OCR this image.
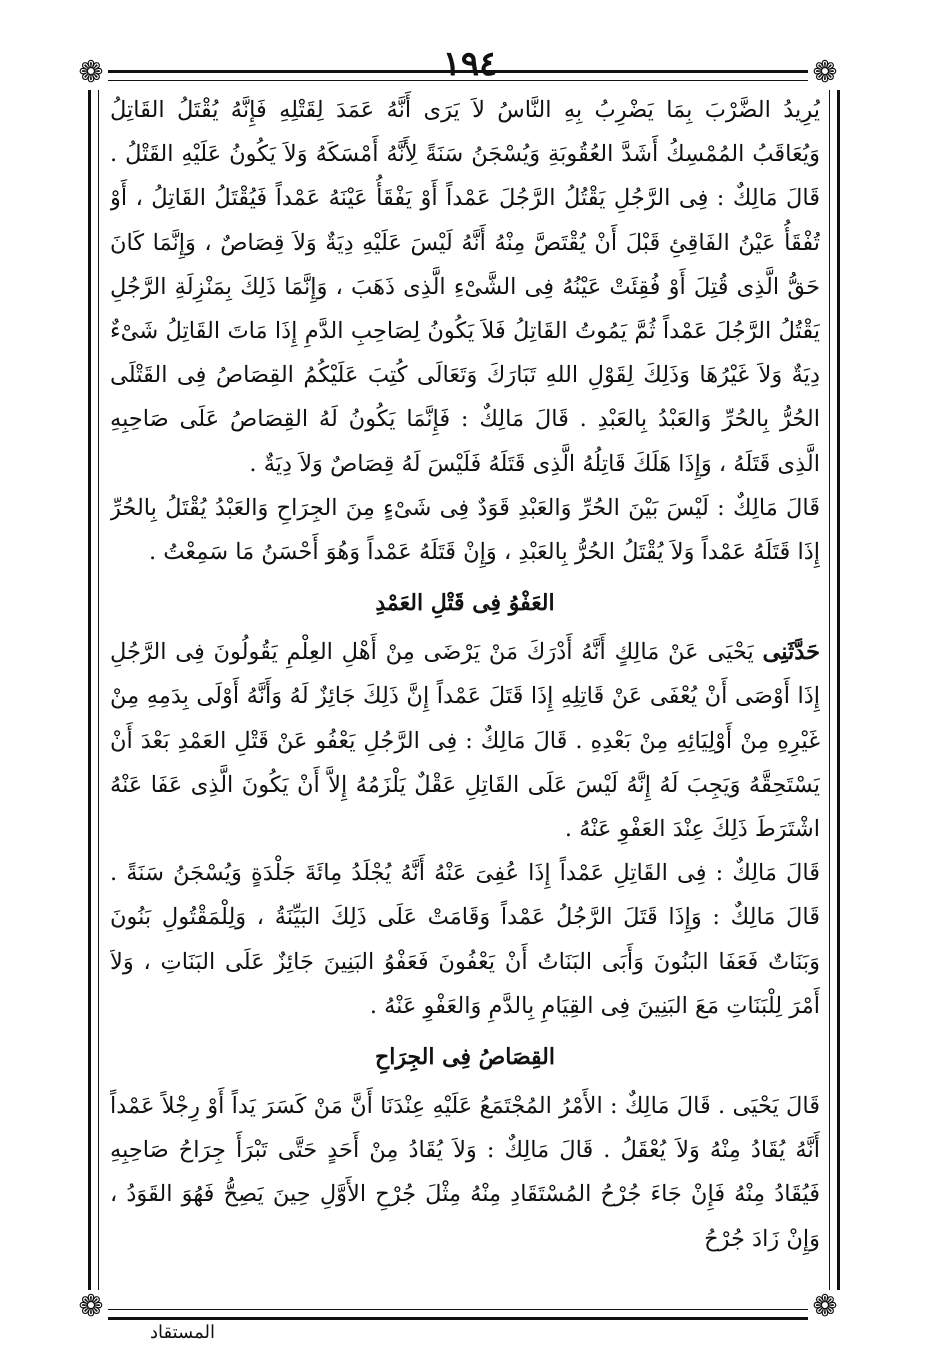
١٩٤
❁	❁
❁	❁

يُرِيدُ الضَّرْبَ بِمَا يَضْرِبُ بِهِ النَّاسُ لاَ يَرَى أَنَّهُ عَمَدَ لِقَتْلِهِ فَإِنَّهُ يُقْتَلُ القَاتِلُ وَيُعَاقَبُ المُمْسِكُ أَشَدَّ العُقُوبَةِ وَيُسْجَنُ سَنَةً لِأَنَّهُ أَمْسَكَهُ وَلاَ يَكُونُ عَلَيْهِ القَتْلُ . قَالَ مَالِكٌ : فِى الرَّجُلِ يَقْتُلُ الرَّجُلَ عَمْداً أَوْ يَفْقَأُ عَيْنَهُ عَمْداً فَيُقْتَلُ القَاتِلُ ، أَوْ تُفْقَأُ عَيْنُ الفَاقِئِ قَبْلَ أَنْ يُقْتَصَّ مِنْهُ أَنَّهُ لَيْسَ عَلَيْهِ دِيَةٌ وَلاَ قِصَاصٌ ، وَإِنَّمَا كَانَ حَقُّ الَّذِى قُتِلَ أَوْ فُقِئَتْ عَيْنُهُ فِى الشَّىْءِ الَّذِى ذَهَبَ ، وَإِنَّمَا ذَلِكَ بِمَنْزِلَةِ الرَّجُلِ يَقْتُلُ الرَّجُلَ عَمْداً ثُمَّ يَمُوتُ القَاتِلُ فَلاَ يَكُونُ لِصَاحِبِ الدَّمِ إِذَا مَاتَ القَاتِلُ شَىْءٌ دِيَةٌ وَلاَ غَيْرُهَا وَذَلِكَ لِقَوْلِ اللهِ تَبَارَكَ وَتَعَالَى كُتِبَ عَلَيْكُمُ القِصَاصُ فِى القَتْلَى الحُرُّ بِالحُرِّ وَالعَبْدُ بِالعَبْدِ . قَالَ مَالِكٌ : فَإِنَّمَا يَكُونُ لَهُ القِصَاصُ عَلَى صَاحِبِهِ الَّذِى قَتَلَهُ ، وَإِذَا هَلَكَ قَاتِلُهُ الَّذِى قَتَلَهُ فَلَيْسَ لَهُ قِصَاصٌ وَلاَ دِيَةٌ .

قَالَ مَالِكٌ : لَيْسَ بَيْنَ الحُرِّ وَالعَبْدِ قَوَدٌ فِى شَىْءٍ مِنَ الجِرَاحِ وَالعَبْدُ يُقْتَلُ بِالحُرِّ إِذَا قَتَلَهُ عَمْداً وَلاَ يُقْتَلُ الحُرُّ بِالعَبْدِ ، وَإِنْ قَتَلَهُ عَمْداً وَهُوَ أَحْسَنُ مَا سَمِعْتُ .

العَفْوُ فِى قَتْلِ العَمْدِ

حَدَّثَنِى يَحْيَى عَنْ مَالِكٍ أَنَّهُ أَدْرَكَ مَنْ يَرْضَى مِنْ أَهْلِ العِلْمِ يَقُولُونَ فِى الرَّجُلِ إِذَا أَوْصَى أَنْ يُعْفَى عَنْ قَاتِلِهِ إِذَا قَتَلَ عَمْداً إِنَّ ذَلِكَ جَائِزٌ لَهُ وَأَنَّهُ أَوْلَى بِدَمِهِ مِنْ غَيْرِهِ مِنْ أَوْلِيَائِهِ مِنْ بَعْدِهِ . قَالَ مَالِكٌ : فِى الرَّجُلِ يَعْفُو عَنْ قَتْلِ العَمْدِ بَعْدَ أَنْ يَسْتَحِقَّهُ وَيَجِبَ لَهُ إِنَّهُ لَيْسَ عَلَى القَاتِلِ عَقْلٌ يَلْزَمُهُ إِلاَّ أَنْ يَكُونَ الَّذِى عَفَا عَنْهُ اشْتَرَطَ ذَلِكَ عِنْدَ العَفْوِ عَنْهُ .

قَالَ مَالِكٌ : فِى القَاتِلِ عَمْداً إِذَا عُفِىَ عَنْهُ أَنَّهُ يُجْلَدُ مِائَةَ جَلْدَةٍ وَيُسْجَنُ سَنَةً . قَالَ مَالِكٌ : وَإِذَا قَتَلَ الرَّجُلُ عَمْداً وَقَامَتْ عَلَى ذَلِكَ البَيِّنَةُ ، وَلِلْمَقْتُولِ بَنُونَ وَبَنَاتٌ فَعَفَا البَنُونَ وَأَبَى البَنَاتُ أَنْ يَعْفُونَ فَعَفْوُ البَنِينَ جَائِزٌ عَلَى البَنَاتِ ، وَلاَ أَمْرَ لِلْبَنَاتِ مَعَ البَنِينَ فِى القِيَامِ بِالدَّمِ وَالعَفْوِ عَنْهُ .

القِصَاصُ فِى الجِرَاحِ

قَالَ يَحْيَى . قَالَ مَالِكٌ : الأَمْرُ المُجْتَمَعُ عَلَيْهِ عِنْدَنَا أَنَّ مَنْ كَسَرَ يَداً أَوْ رِجْلاً عَمْداً أَنَّهُ يُقَادُ مِنْهُ وَلاَ يُعْقَلُ . قَالَ مَالِكٌ : وَلاَ يُقَادُ مِنْ أَحَدٍ حَتَّى تَبْرَأَ جِرَاحُ صَاحِبِهِ فَيُقَادُ مِنْهُ فَإِنْ جَاءَ جُرْحُ المُسْتَقَادِ مِنْهُ مِثْلَ جُرْحِ الأَوَّلِ حِينَ يَصِحُّ فَهُوَ القَوَدُ ، وَإِنْ زَادَ جُرْحُ

المستقاد
